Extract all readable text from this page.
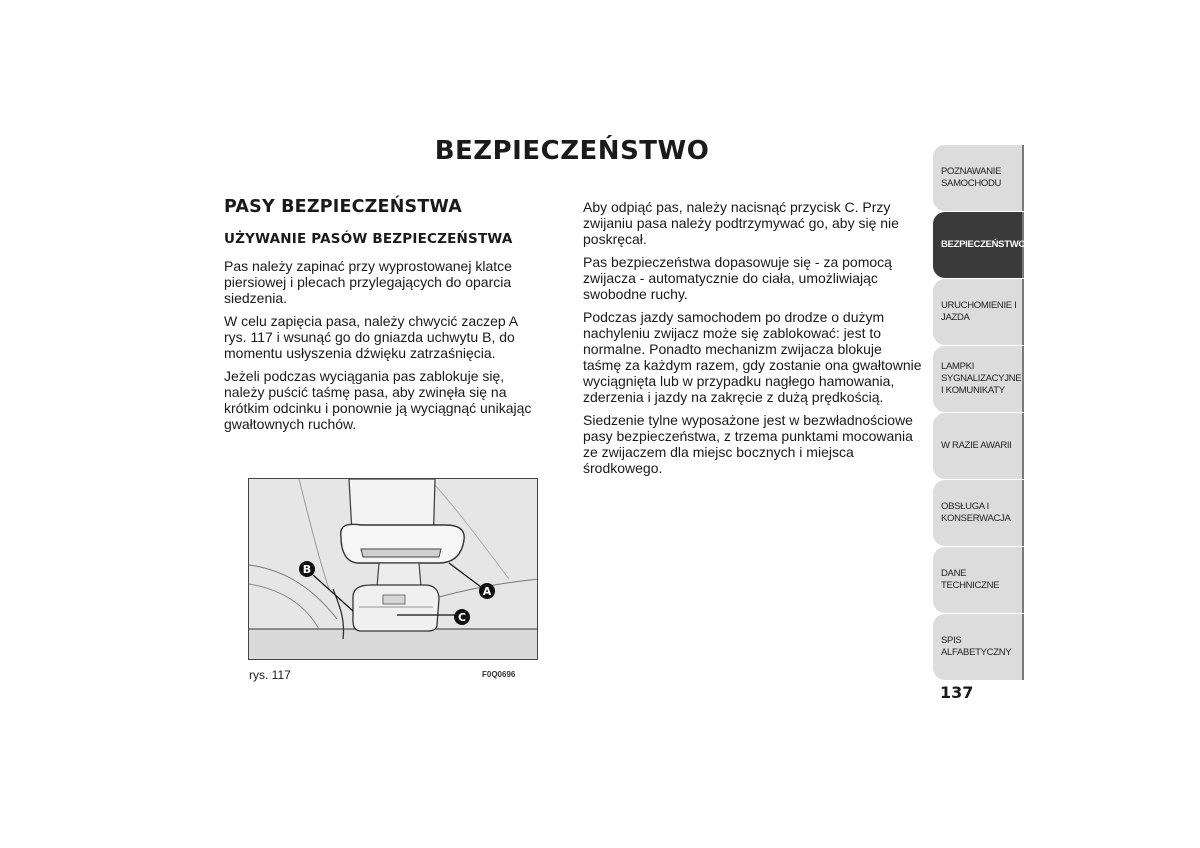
BEZPIECZEŃSTWO
PASY BEZPIECZEŃSTWA
UŻYWANIE PASÓW BEZPIECZEŃSTWA

Pas należy zapinać przy wyprostowanej klatce piersiowej i plecach przylegających do oparcia siedzenia.

W celu zapięcia pasa, należy chwycić zaczep A rys. 117 i wsunąć go do gniazda uchwytu B, do momentu usłyszenia dźwięku zatrzaśnięcia.

Jeżeli podczas wyciągania pas zablokuje się, należy puścić taśmę pasa, aby zwinęła się na krótkim odcinku i ponownie ją wyciągnąć unikając gwałtownych ruchów.

Aby odpiąć pas, należy nacisnąć przycisk C. Przy zwijaniu pasa należy podtrzymywać go, aby się nie poskręcał.

Pas bezpieczeństwa dopasowuje się - za pomocą zwijacza - automatycznie do ciała, umożliwiając swobodne ruchy.

Podczas jazdy samochodem po drodze o dużym nachyleniu zwijacz może się zablokować: jest to normalne. Ponadto mechanizm zwijacza blokuje taśmę za każdym razem, gdy zostanie ona gwałtownie wyciągnięta lub w przypadku nagłego hamowania, zderzenia i jazdy na zakręcie z dużą prędkością.

Siedzenie tylne wyposażone jest w bezwładnościowe pasy bezpieczeństwa, z trzema punktami mocowania ze zwijaczem dla miejsc bocznych i miejsca środkowego.

B
A
C
rys. 117	F0Q0696
POZNAWANIE SAMOCHODU
BEZPIECZEŃSTWO
URUCHOMIENIE I JAZDA
LAMPKI SYGNALIZACYJNE I KOMUNIKATY
W RAZIE AWARII
OBSŁUGA I KONSERWACJA
DANE TECHNICZNE
SPIS ALFABETYCZNY
137
